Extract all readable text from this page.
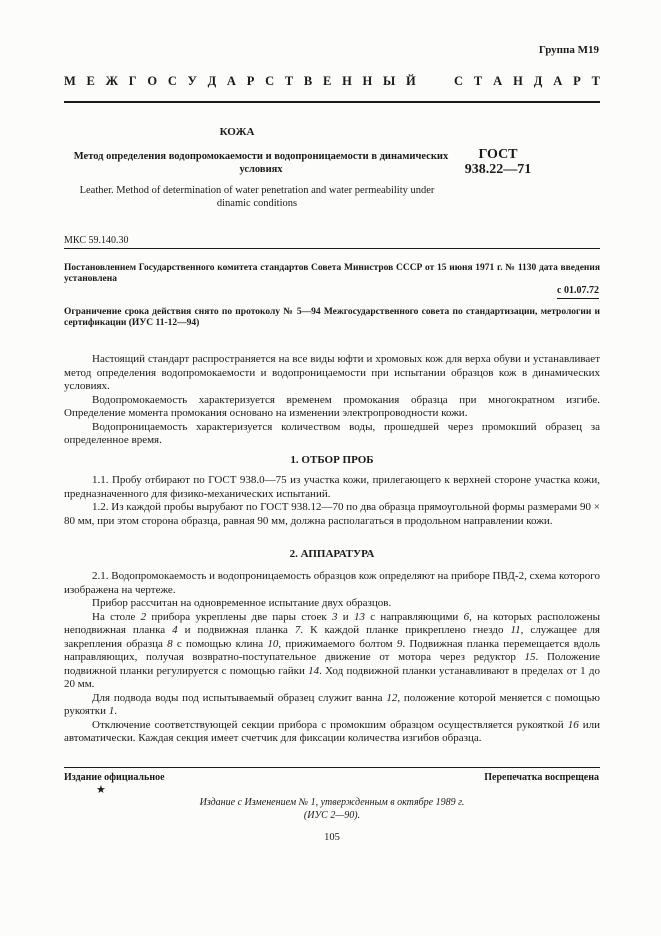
Группа М19
М Е Ж Г О С У Д А Р С Т В Е Н Н Ы Й	С Т А Н Д А Р Т
КОЖА
Метод определения водопромокаемости и водопроницаемости в динамических условиях
Leather. Method of determination of water penetration and water permeability under dinamic conditions
ГОСТ
938.22—71
МКС 59.140.30
Постановлением Государственного комитета стандартов Совета Министров СССР от 15 июня 1971 г. № 1130 дата введения установлена
с 01.07.72
Ограничение срока действия снято по протоколу № 5—94 Межгосударственного совета по стандартизации, метрологии и сертификации (ИУС 11-12—94)

Настоящий стандарт распространяется на все виды юфти и хромовых кож для верха обуви и устанавливает метод определения водопромокаемости и водопроницаемости при испытании образцов кож в динамических условиях.

Водопромокаемость характеризуется временем промокания образца при многократном изгибе. Определение момента промокания основано на изменении электропроводности кожи.

Водопроницаемость характеризуется количеством воды, прошедшей через промокший образец за определенное время.

1. ОТБОР ПРОБ

1.1. Пробу отбирают по ГОСТ 938.0—75 из участка кожи, прилегающего к верхней стороне участка кожи, предназначенного для физико-механических испытаний.

1.2. Из каждой пробы вырубают по ГОСТ 938.12—70 по два образца прямоугольной формы размерами 90 × 80 мм, при этом сторона образца, равная 90 мм, должна располагаться в продольном направлении кожи.

2. АППАРАТУРА

2.1. Водопромокаемость и водопроницаемость образцов кож определяют на приборе ПВД-2, схема которого изображена на чертеже.

Прибор рассчитан на одновременное испытание двух образцов.

На столе 2 прибора укреплены две пары стоек 3 и 13 с направляющими 6, на которых расположены неподвижная планка 4 и подвижная планка 7. К каждой планке прикреплено гнездо 11, служащее для закрепления образца 8 с помощью клина 10, прижимаемого болтом 9. Подвижная планка перемещается вдоль направляющих, получая возвратно-поступательное движение от мотора через редуктор 15. Положение подвижной планки регулируется с помощью гайки 14. Ход подвижной планки устанавливают в пределах от 1 до 20 мм.

Для подвода воды под испытываемый образец служит ванна 12, положение которой меняется с помощью рукоятки 1.

Отключение соответствующей секции прибора с промокшим образцом осуществляется рукояткой 16 или автоматически. Каждая секция имеет счетчик для фиксации количества изгибов образца.

Издание официальное	Перепечатка воспрещена
★
Издание с Изменением № 1, утвержденным в октябре 1989 г.
(ИУС 2—90).
105
